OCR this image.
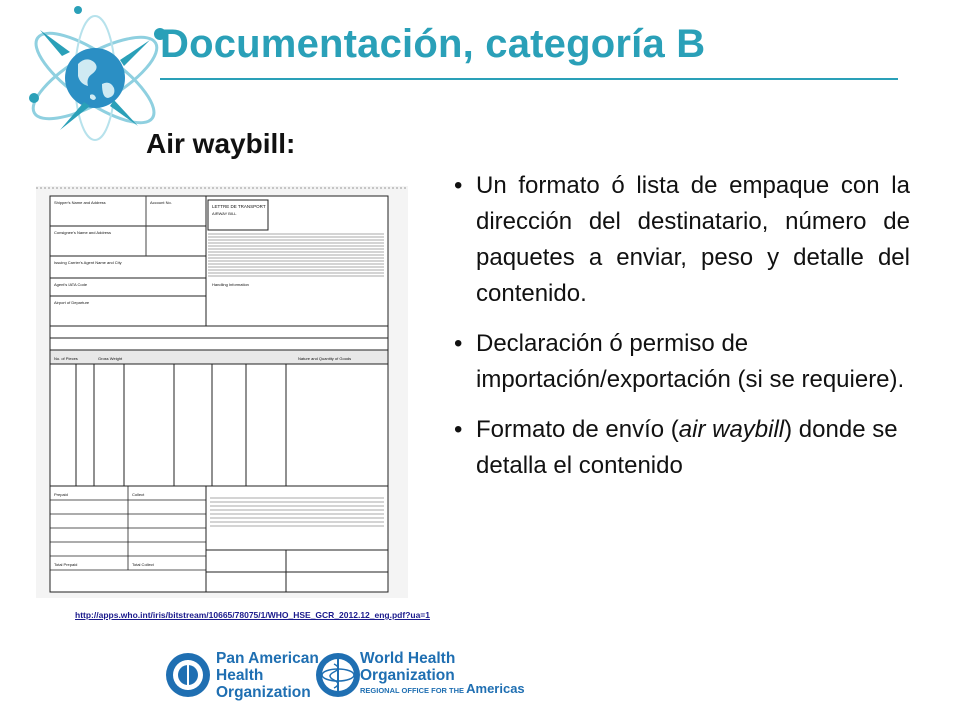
Documentación, categoría B
Air waybill:
LETTRE DE TRANSPORT
AIRWAY BILL
Shipper's Name and Address
Consignee's Name and Address
Issuing Carrier's Agent Name and City
Agent's IATA Code
Account No.
Airport of Departure
Handling Information
No. of Pieces	Gross Weight	Nature and Quantity of Goods
Prepaid	Collect
Total Prepaid	Total Collect
• Un formato ó lista de empaque con la dirección del destinatario, número de paquetes a enviar, peso y detalle del contenido.
• Declaración ó permiso de importación/exportación (si se requiere).
• Formato de envío (air waybill) donde se detalla el contenido
http://apps.who.int/iris/bitstream/10665/78075/1/WHO_HSE_GCR_2012.12_eng.pdf?ua=1
Pan American
Health
Organization
World Health
Organization
REGIONAL OFFICE FOR THE Americas
